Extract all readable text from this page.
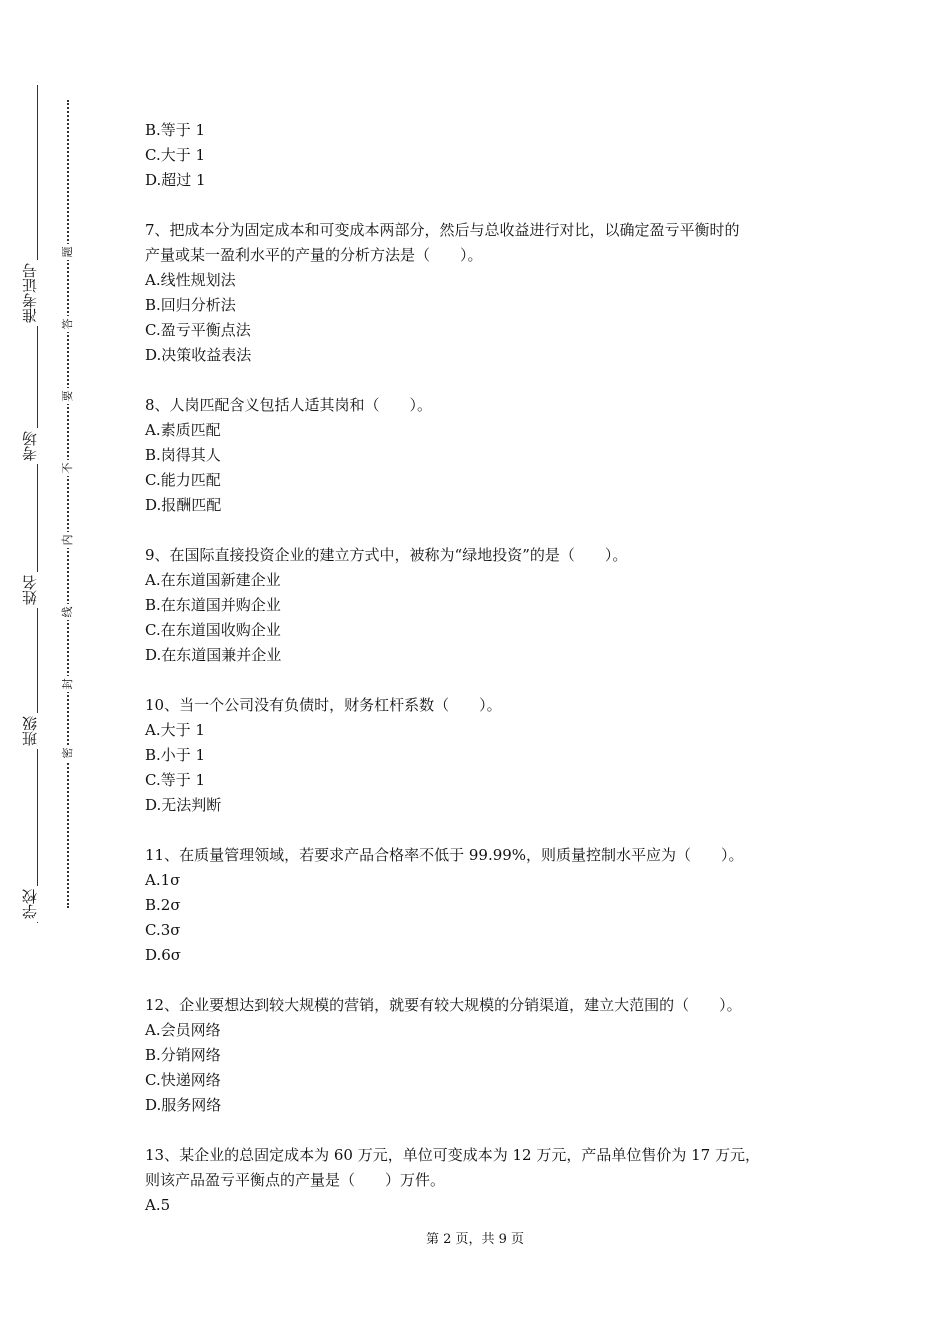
准考证号
考场
姓名
班级
学校
题
答
要
不
内
线
封
密

B.等于 1

C.大于 1

D.超过 1

7、把成本分为固定成本和可变成本两部分，然后与总收益进行对比，以确定盈亏平衡时的

产量或某一盈利水平的产量的分析方法是（　　）。

A.线性规划法

B.回归分析法

C.盈亏平衡点法

D.决策收益表法

8、人岗匹配含义包括人适其岗和（　　）。

A.素质匹配

B.岗得其人

C.能力匹配

D.报酬匹配

9、在国际直接投资企业的建立方式中，被称为“绿地投资”的是（　　）。

A.在东道国新建企业

B.在东道国并购企业

C.在东道国收购企业

D.在东道国兼并企业

10、当一个公司没有负债时，财务杠杆系数（　　）。

A.大于 1

B.小于 1

C.等于 1

D.无法判断

11、在质量管理领域，若要求产品合格率不低于 99.99%，则质量控制水平应为（　　）。

A.1σ

B.2σ

C.3σ

D.6σ

12、企业要想达到较大规模的营销，就要有较大规模的分销渠道，建立大范围的（　　）。

A.会员网络

B.分销网络

C.快递网络

D.服务网络

13、某企业的总固定成本为 60 万元，单位可变成本为 12 万元，产品单位售价为 17 万元，

则该产品盈亏平衡点的产量是（　　）万件。

A.5

第 2 页，共 9 页
